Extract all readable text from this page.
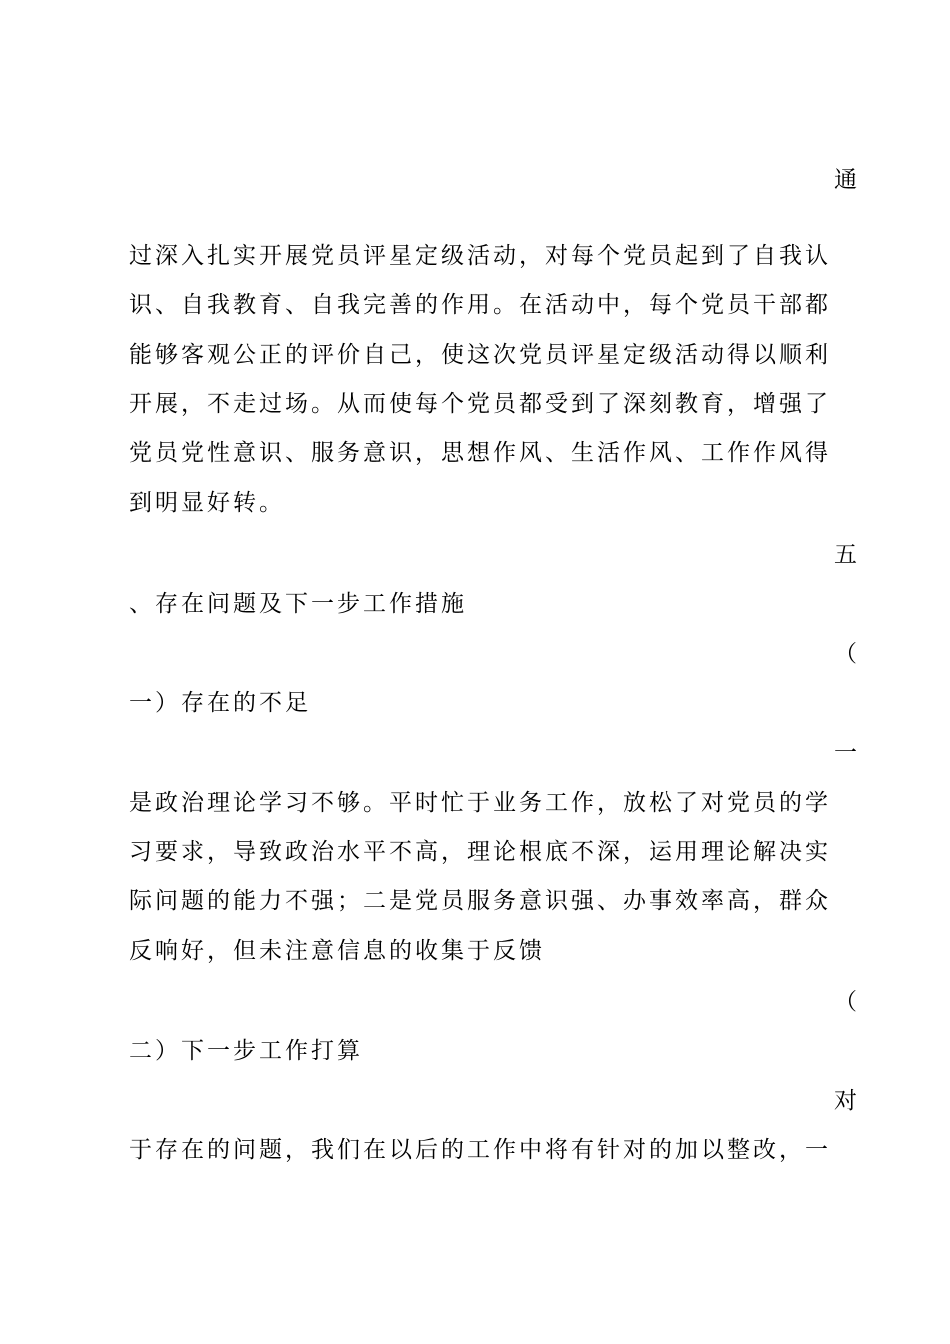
通
过深入扎实开展党员评星定级活动，对每个党员起到了自我认
识、自我教育、自我完善的作用。在活动中，每个党员干部都
能够客观公正的评价自己，使这次党员评星定级活动得以顺利
开展，不走过场。从而使每个党员都受到了深刻教育，增强了
党员党性意识、服务意识，思想作风、生活作风、工作作风得
到明显好转。
五
、存在问题及下一步工作措施
（
一）存在的不足
一
是政治理论学习不够。平时忙于业务工作，放松了对党员的学
习要求，导致政治水平不高，理论根底不深，运用理论解决实
际问题的能力不强；二是党员服务意识强、办事效率高，群众
反响好，但未注意信息的收集于反馈
（
二）下一步工作打算
对
于存在的问题，我们在以后的工作中将有针对的加以整改，一
